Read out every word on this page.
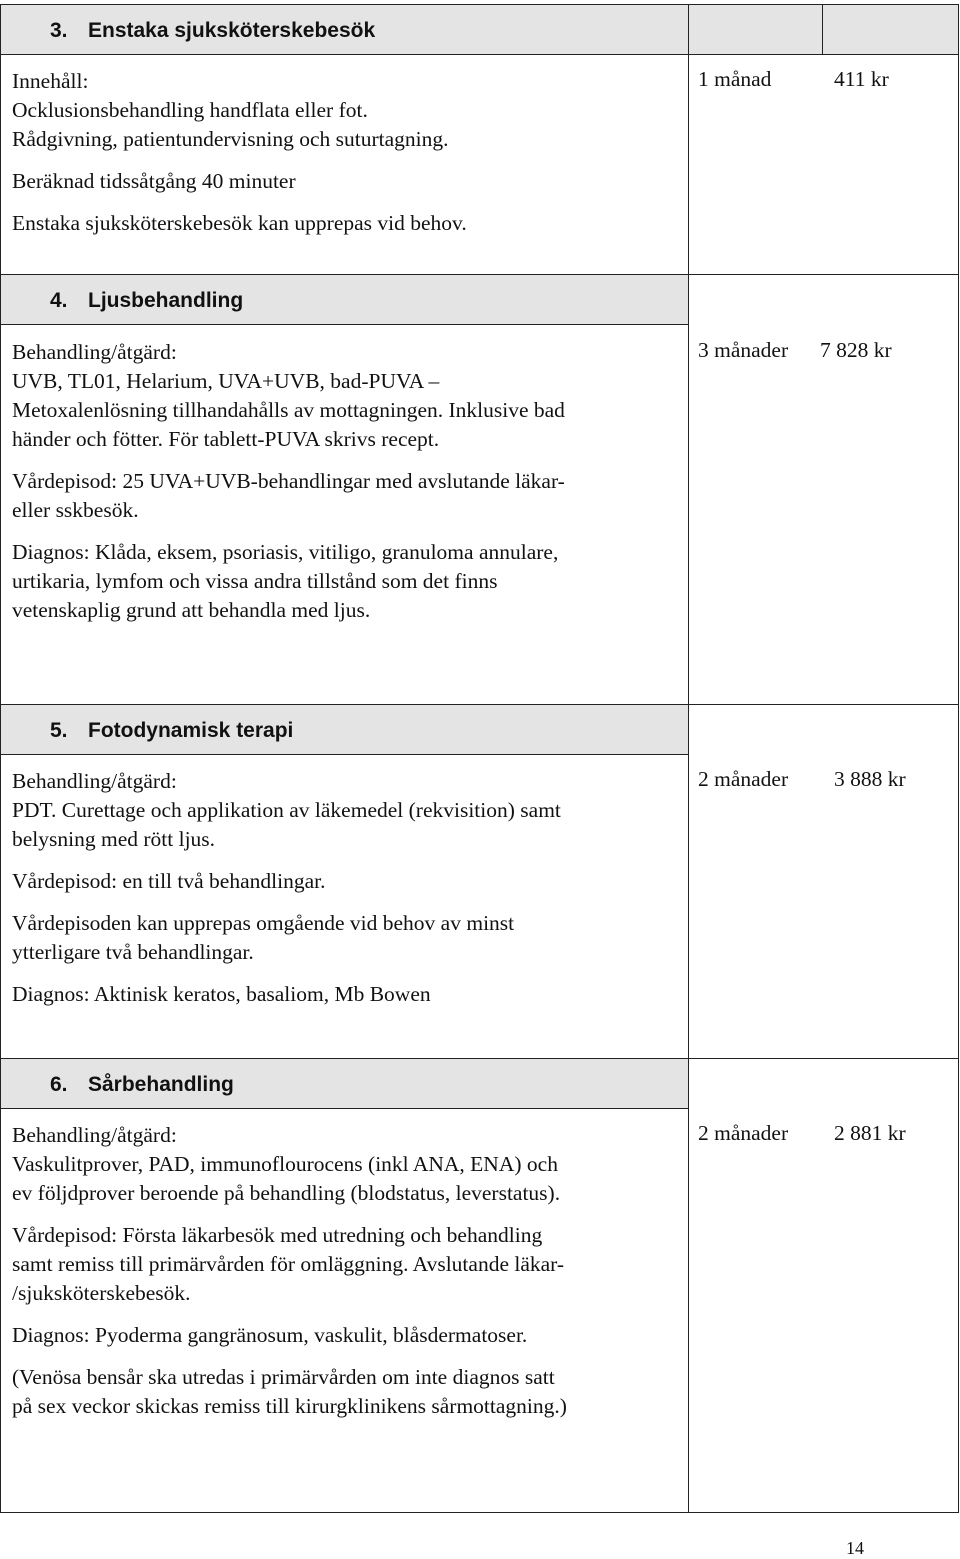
3. Enstaka sjuksköterskebesök

Innehåll:

Ocklusionsbehandling handflata eller fot.

Rådgivning, patientundervisning och suturtagning.

Beräknad tidssåtgång 40 minuter

Enstaka sjuksköterskebesök kan upprepas vid behov.

1 månad	411 kr
4. Ljusbehandling

Behandling/åtgärd:

UVB, TL01, Helarium, UVA+UVB, bad-PUVA –

Metoxalenlösning tillhandahålls av mottagningen. Inklusive bad

händer och fötter. För tablett-PUVA skrivs recept.

Vårdepisod: 25 UVA+UVB-behandlingar med avslutande läkar-

eller sskbesök.

Diagnos: Klåda, eksem, psoriasis, vitiligo, granuloma annulare,

urtikaria, lymfom och vissa andra tillstånd som det finns

vetenskaplig grund att behandla med ljus.

3 månader 7 828 kr
5. Fotodynamisk terapi

Behandling/åtgärd:

PDT. Curettage och applikation av läkemedel (rekvisition) samt

belysning med rött ljus.

Vårdepisod: en till två behandlingar.

Vårdepisoden kan upprepas omgående vid behov av minst

ytterligare två behandlingar.

Diagnos: Aktinisk keratos, basaliom, Mb Bowen

2 månader 3 888 kr
6. Sårbehandling

Behandling/åtgärd:

Vaskulitprover, PAD, immunoflourocens (inkl ANA, ENA) och

ev följdprover beroende på behandling (blodstatus, leverstatus).

Vårdepisod: Första läkarbesök med utredning och behandling

samt remiss till primärvården för omläggning. Avslutande läkar-

/sjuksköterskebesök.

Diagnos: Pyoderma gangränosum, vaskulit, blåsdermatoser.

(Venösa bensår ska utredas i primärvården om inte diagnos satt

på sex veckor skickas remiss till kirurgklinikens sårmottagning.)

2 månader 2 881 kr
14
